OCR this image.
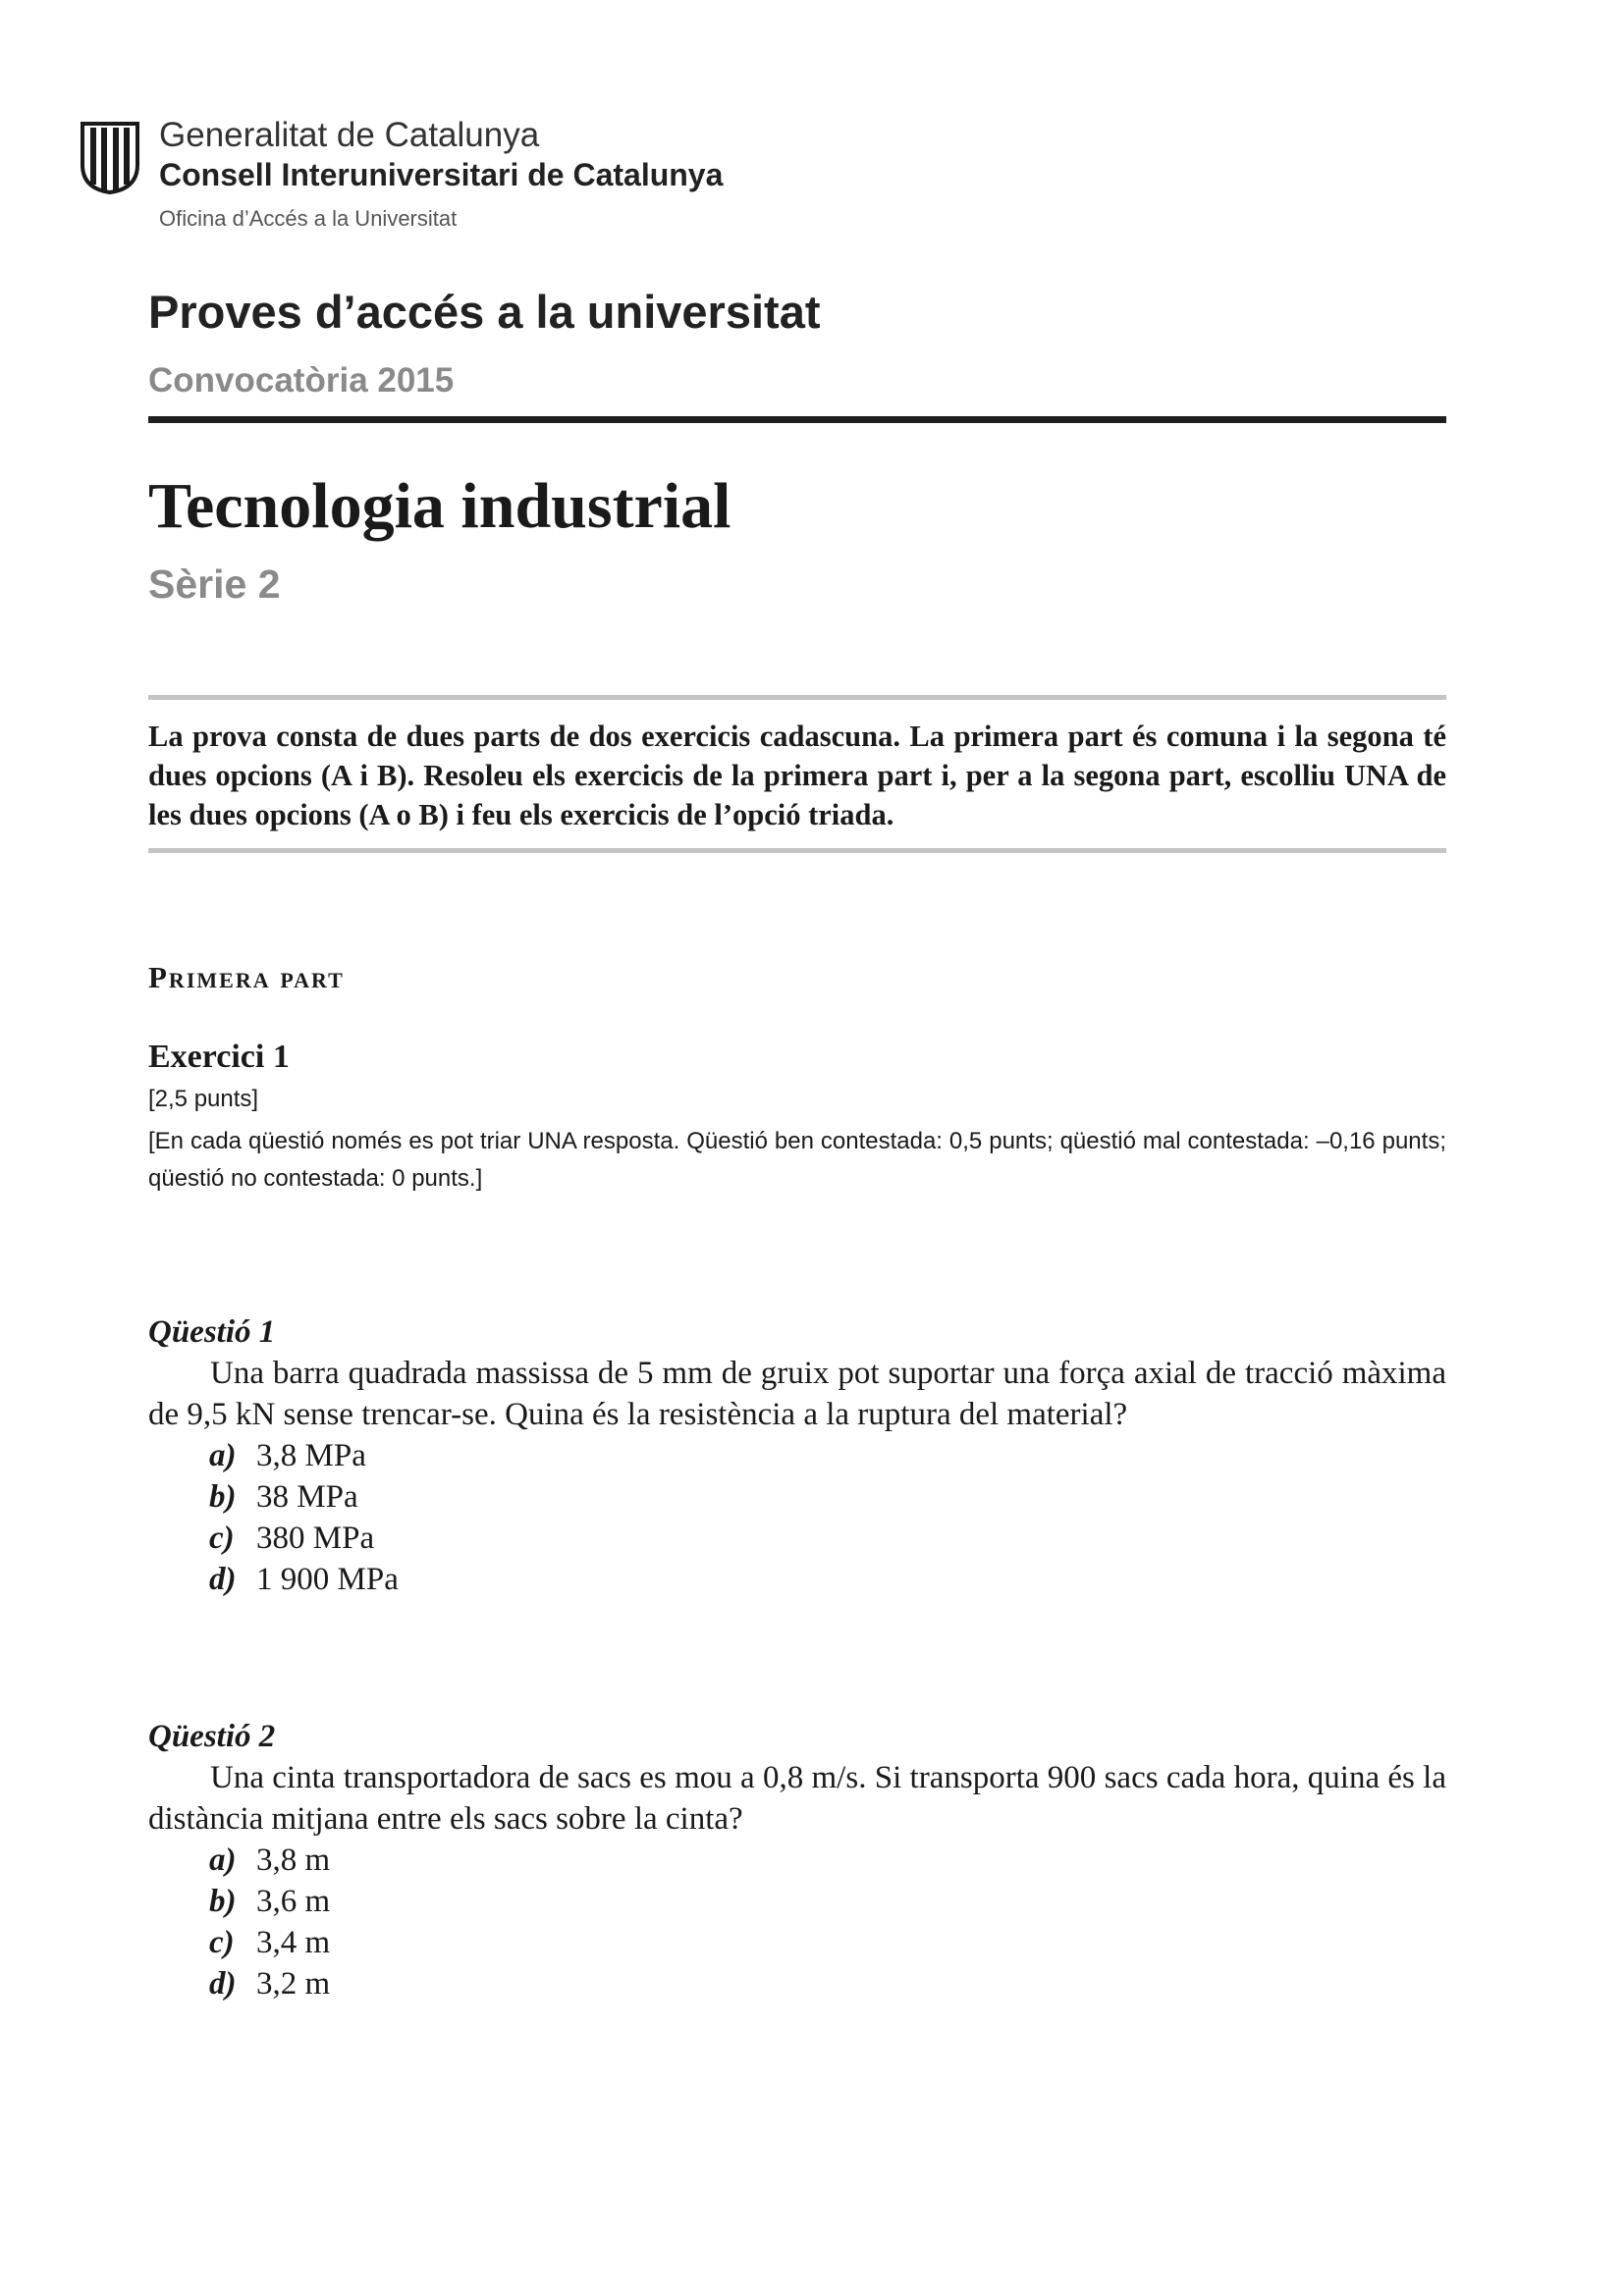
Generalitat de Catalunya
Consell Interuniversitari de Catalunya
Oficina d’Accés a la Universitat
Proves d’accés a la universitat
Convocatòria 2015
Tecnologia industrial
Sèrie 2
La prova consta de dues parts de dos exercicis cadascuna. La primera part és comuna i la segona té dues opcions (A i B). Resoleu els exercicis de la primera part i, per a la segona part, escolliu UNA de les dues opcions (A o B) i feu els exercicis de l’opció triada.
Primera part
Exercici 1
[2,5 punts]
[En cada qüestió només es pot triar UNA resposta. Qüestió ben contestada: 0,5 punts; qüestió mal contestada: –0,16 punts; qüestió no contestada: 0 punts.]
Qüestió 1
Una barra quadrada massissa de 5 mm de gruix pot suportar una força axial de tracció màxima de 9,5 kN sense trencar-se. Quina és la resistència a la ruptura del material?
a) 3,8 MPa
b) 38 MPa
c) 380 MPa
d) 1 900 MPa
Qüestió 2
Una cinta transportadora de sacs es mou a 0,8 m/s. Si transporta 900 sacs cada hora, quina és la distància mitjana entre els sacs sobre la cinta?
a) 3,8 m
b) 3,6 m
c) 3,4 m
d) 3,2 m
